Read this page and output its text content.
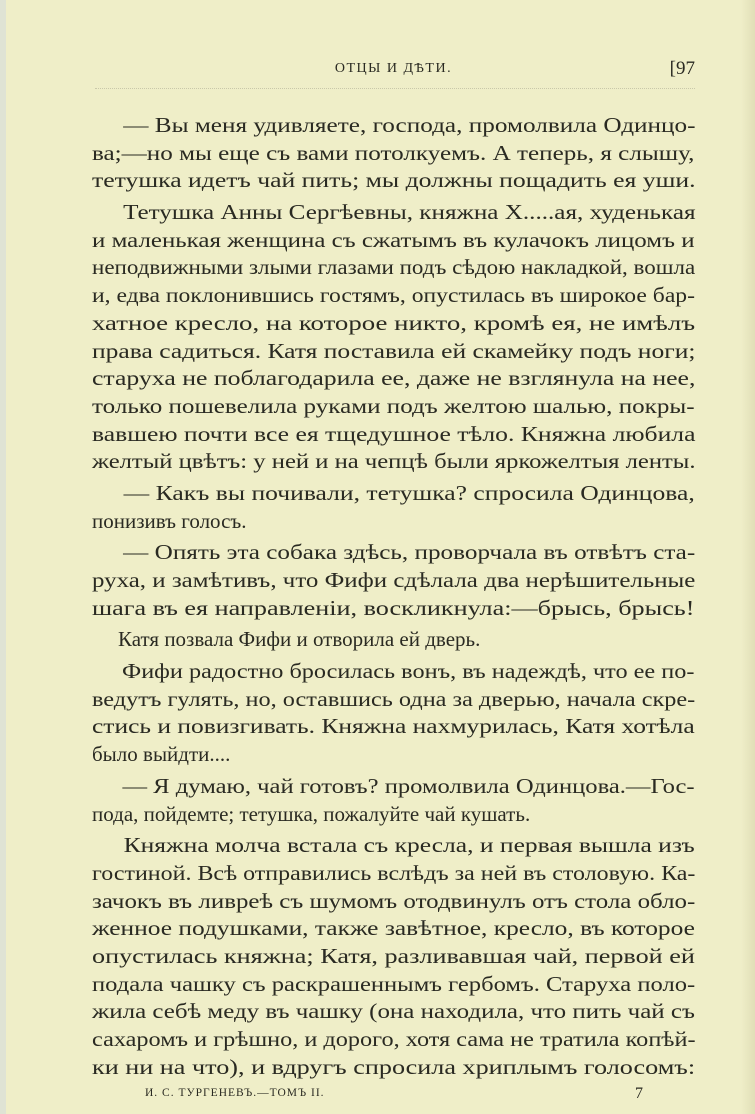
ОТЦЫ И ДѢТИ.	[97
— Вы меня удивляете, господа, промолвила Одинцо-
ва;—но мы еще съ вами потолкуемъ. А теперь, я слышу,
тетушка идетъ чай пить; мы должны пощадить ея уши.
Тетушка Анны Сергѣевны, княжна Х.....ая, худенькая
и маленькая женщина съ сжатымъ въ кулачокъ лицомъ и
неподвижными злыми глазами подъ сѣдою накладкой, вошла
и, едва поклонившись гостямъ, опустилась въ широкое бар-
хатное кресло, на которое никто, кромѣ ея, не имѣлъ
права садиться. Катя поставила ей скамейку подъ ноги;
старуха не поблагодарила ее, даже не взглянула на нее,
только пошевелила руками подъ желтою шалью, покры-
вавшею почти все ея тщедушное тѣло. Княжна любила
желтый цвѣтъ: у ней и на чепцѣ были яркожелтыя ленты.
— Какъ вы почивали, тетушка? спросила Одинцова,
понизивъ голосъ.
— Опять эта собака здѣсь, проворчала въ отвѣтъ ста-
руха, и замѣтивъ, что Фифи сдѣлала два нерѣшительные
шага въ ея направленіи, воскликнула:—брысь, брысь!
Катя позвала Фифи и отворила ей дверь.
Фифи радостно бросилась вонъ, въ надеждѣ, что ее по-
ведутъ гулять, но, оставшись одна за дверью, начала скре-
стись и повизгивать. Княжна нахмурилась, Катя хотѣла
было выйдти....
— Я думаю, чай готовъ? промолвила Одинцова.—Гос-
пода, пойдемте; тетушка, пожалуйте чай кушать.
Княжна молча встала съ кресла, и первая вышла изъ
гостиной. Всѣ отправились вслѣдъ за ней въ столовую. Ка-
зачокъ въ ливреѣ съ шумомъ отодвинулъ отъ стола обло-
женное подушками, также завѣтное, кресло, въ которое
опустилась княжна; Катя, разливавшая чай, первой ей
подала чашку съ раскрашеннымъ гербомъ. Старуха поло-
жила себѣ меду въ чашку (она находила, что пить чай съ
сахаромъ и грѣшно, и дорого, хотя сама не тратила копѣй-
ки ни на что), и вдругъ спросила хриплымъ голосомъ:
И. С. ТУРГЕНЕВЪ.—ТОМЪ II.	7
